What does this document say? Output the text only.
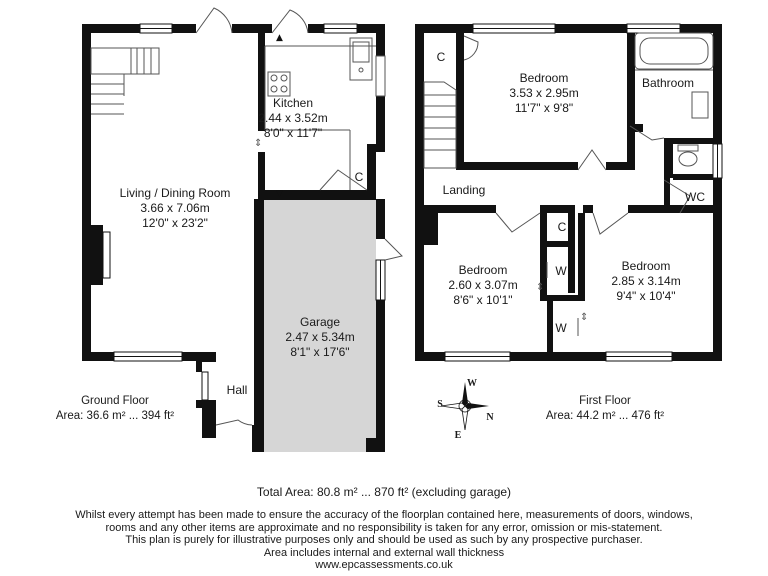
▲
▼
⇕
⇕
⇕
Kitchen
2.44 x 3.52m
8'0" x 11'7"
Living / Dining Room
3.66 x 7.06m
12'0" x 23'2"
Garage
2.47 x 5.34m
8'1" x 17'6"
Hall
C
Ground Floor
Area: 36.6 m² ... 394 ft²
Bedroom
3.53 x 2.95m
11'7" x 9'8"
Bathroom
Landing	WC
C
C
W
W
Bedroom
2.60 x 3.07m
8'6" x 10'1"
Bedroom
2.85 x 3.14m
9'4" x 10'4"
First Floor
Area: 44.2 m² ... 476 ft²
W
S
N
E
Total Area: 80.8 m² ... 870 ft² (excluding garage)
Whilst every attempt has been made to ensure the accuracy of the floorplan contained here, measurements of doors, windows,
rooms and any other items are approximate and no responsibility is taken for any error, omission or mis-statement.
This plan is purely for illustrative purposes only and should be used as such by any prospective purchaser.
Area includes internal and external wall thickness
www.epcassessments.co.uk
